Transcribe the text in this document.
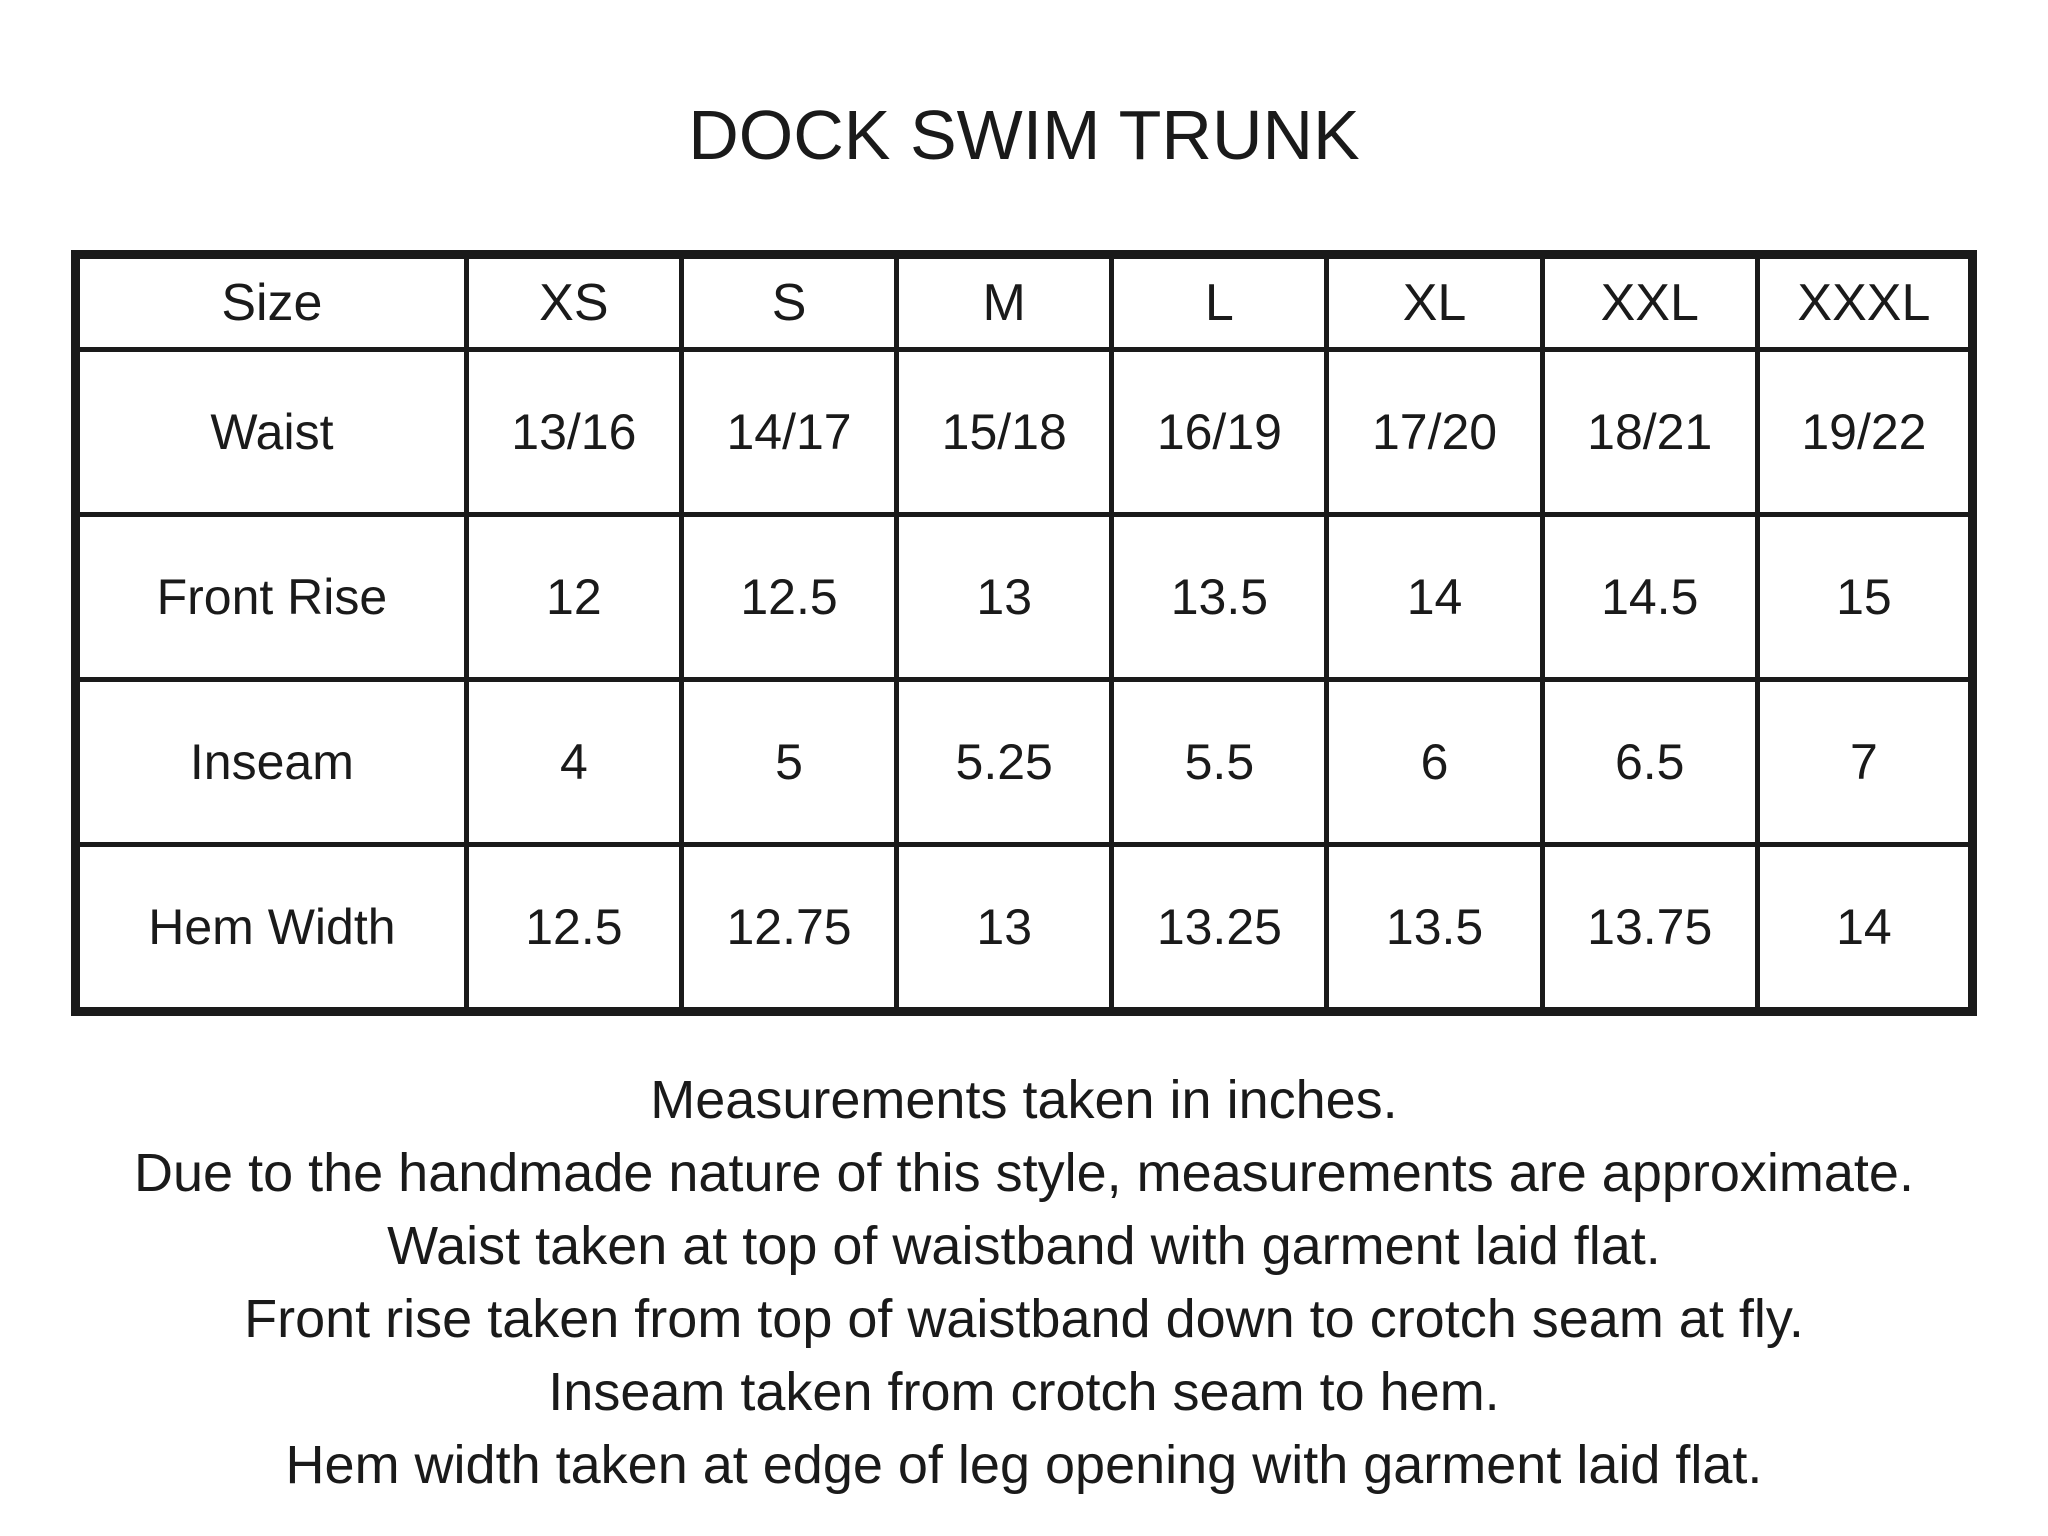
DOCK SWIM TRUNK
Size	XS	S	M	L	XL	XXL	XXXL
Waist	13/16	14/17	15/18	16/19	17/20	18/21	19/22
Front Rise	12	12.5	13	13.5	14	14.5	15
Inseam	4	5	5.25	5.5	6	6.5	7
Hem Width	12.5	12.75	13	13.25	13.5	13.75	14
Measurements taken in inches.
Due to the handmade nature of this style, measurements are approximate.
Waist taken at top of waistband with garment laid flat.
Front rise taken from top of waistband down to crotch seam at fly.
Inseam taken from crotch seam to hem.
Hem width taken at edge of leg opening with garment laid flat.
